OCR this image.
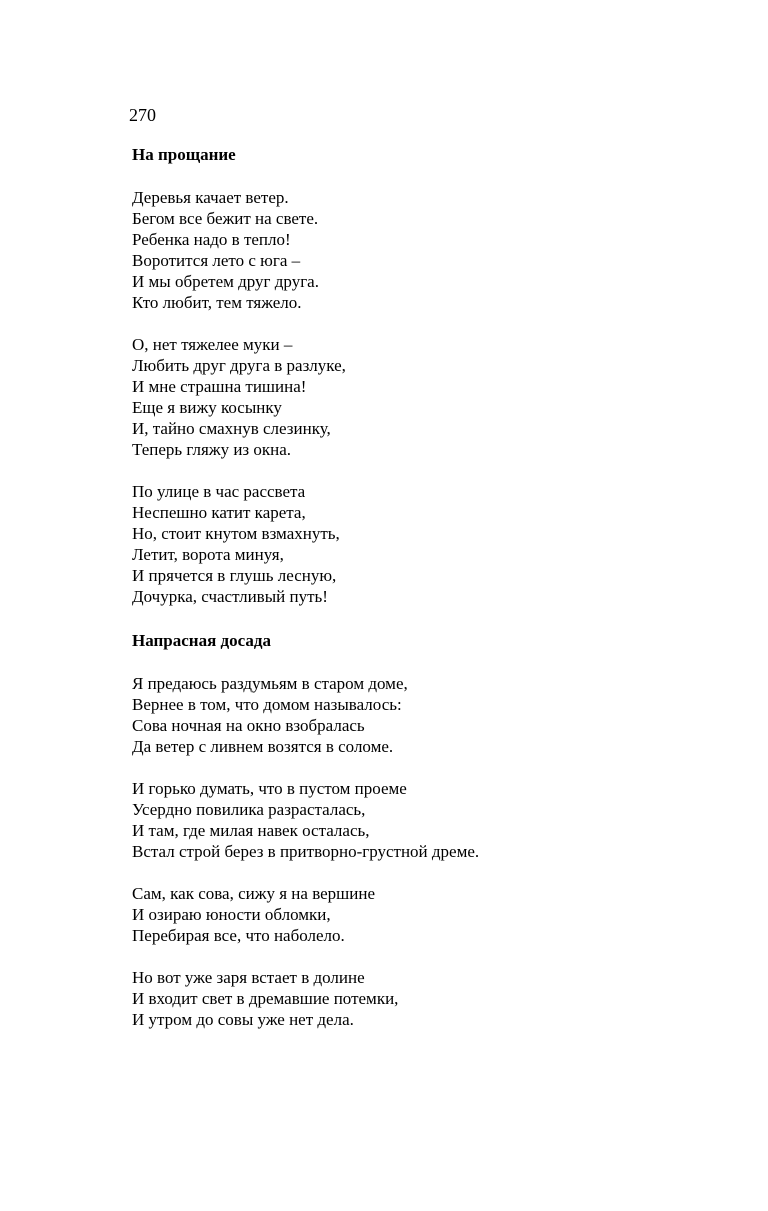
270
На прощание
Деревья качает ветер.
Бегом все бежит на свете.
Ребенка надо в тепло!
Воротится лето с юга –
И мы обретем друг друга.
Кто любит, тем тяжело.
О, нет тяжелее муки –
Любить друг друга в разлуке,
И мне страшна тишина!
Еще я вижу косынку
И, тайно смахнув слезинку,
Теперь гляжу из окна.
По улице в час рассвета
Неспешно катит карета,
Но, стоит кнутом взмахнуть,
Летит, ворота минуя,
И прячется в глушь лесную,
Дочурка, счастливый путь!
Напрасная досада
Я предаюсь раздумьям в старом доме,
Вернее в том, что домом называлось:
Сова ночная на окно взобралась
Да ветер с ливнем возятся в соломе.
И горько думать, что в пустом проеме
Усердно повилика разрасталась,
И там, где милая навек осталась,
Встал строй берез в притворно-грустной дреме.
Сам, как сова, сижу я на вершине
И озираю юности обломки,
Перебирая все, что наболело.
Но вот уже заря встает в долине
И входит свет в дремавшие потемки,
И утром до совы уже нет дела.
